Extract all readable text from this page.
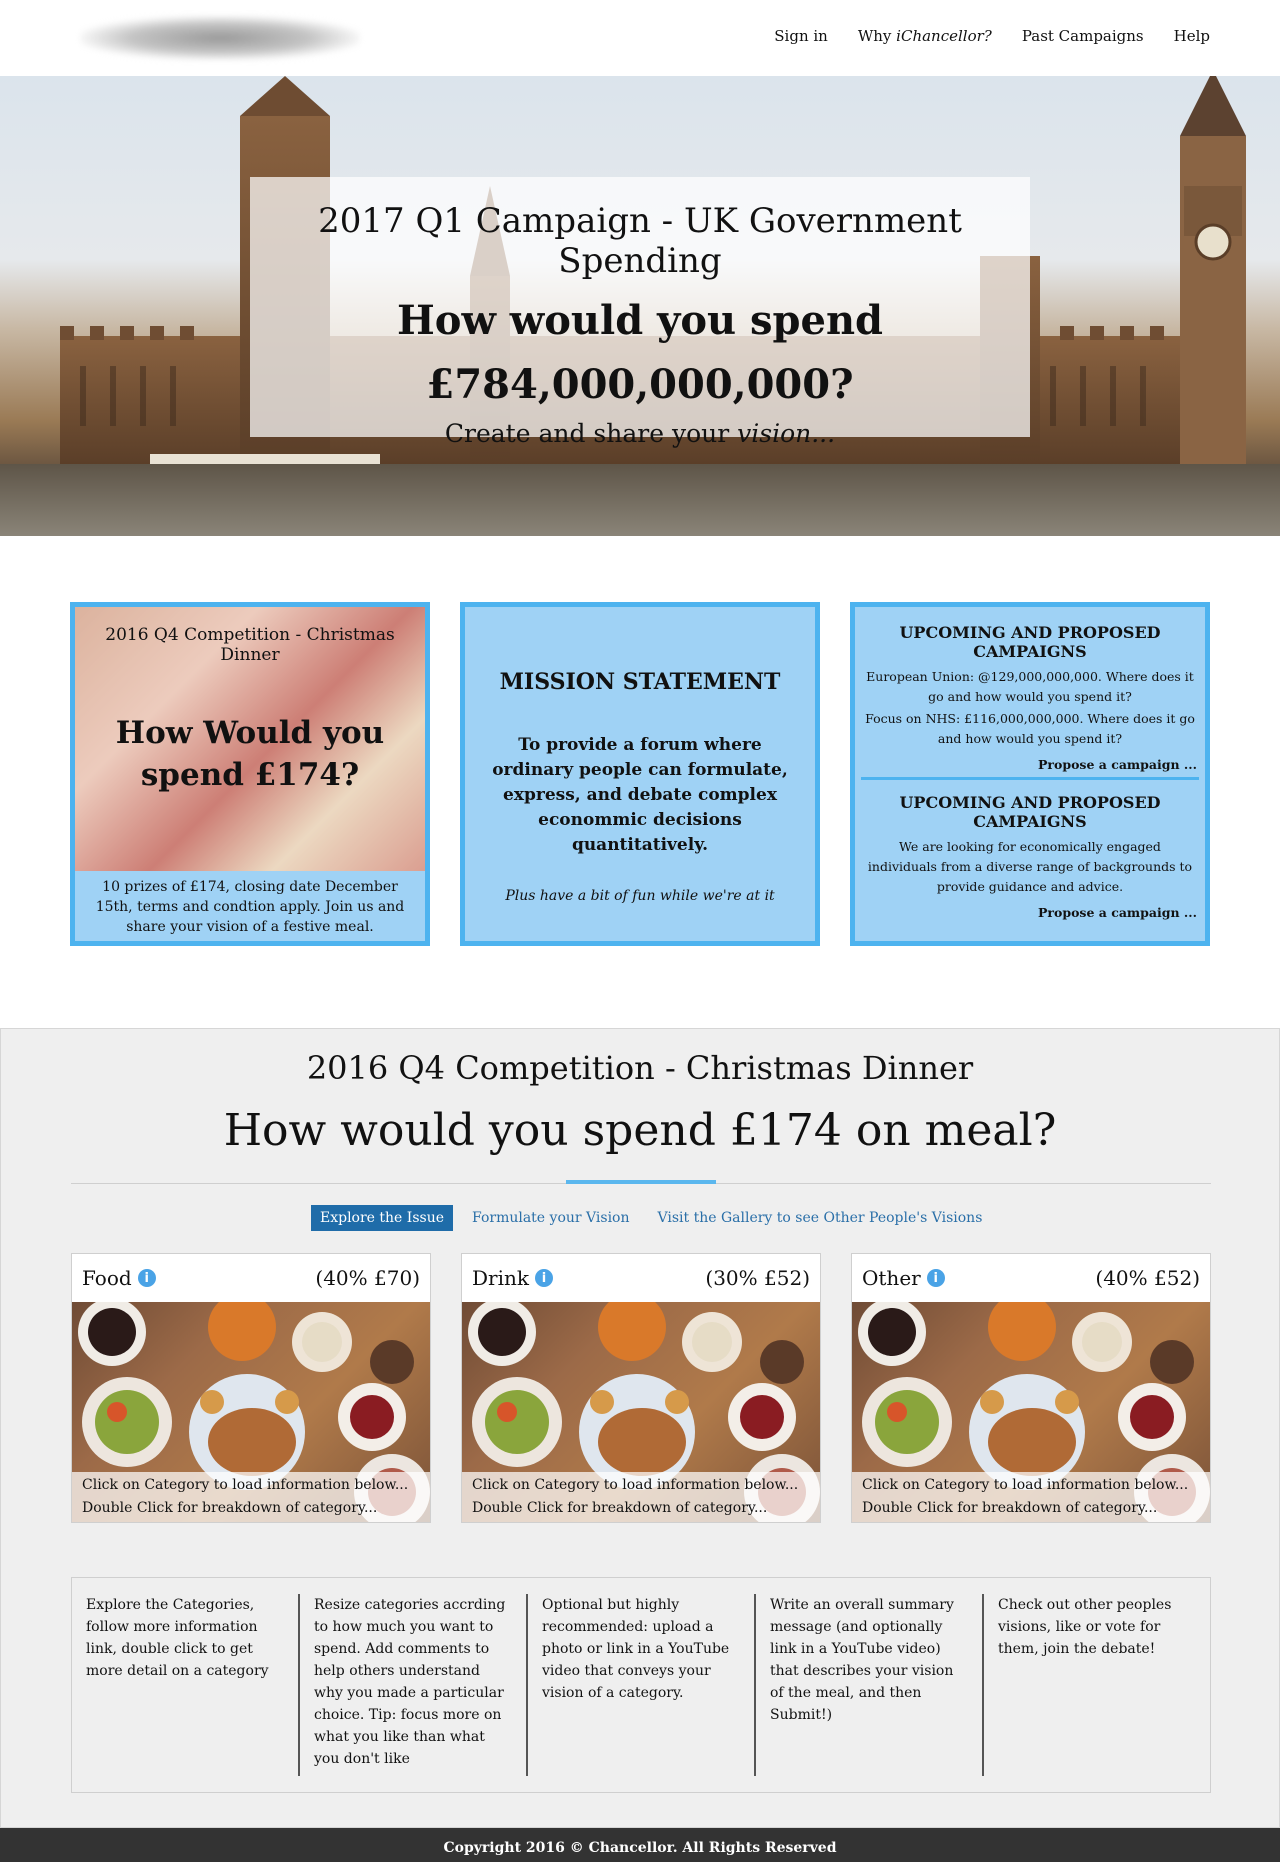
Sign in Why iChancellor? Past Campaigns Help
2017 Q1 Campaign - UK Government Spending
How would you spend
£784,000,000,000?
Create and share your vision...
2016 Q4 Competition - Christmas Dinner
How Would you
spend £174?
10 prizes of £174, closing date December 15th, terms and condtion apply. Join us and share your vision of a festive meal.
MISSION STATEMENT
To provide a forum where ordinary people can formulate, express, and debate complex econommic decisions quantitatively.
Plus have a bit of fun while we're at it
UPCOMING AND PROPOSED CAMPAIGNS

European Union: @129,000,000,000. Where does it go and how would you spend it?

Focus on NHS: £116,000,000,000. Where does it go and how would you spend it?

Propose a campaign ...
UPCOMING AND PROPOSED CAMPAIGNS

We are looking for economically engaged individuals from a diverse range of backgrounds to provide guidance and advice.

Propose a campaign ...
2016 Q4 Competition - Christmas Dinner
How would you spend £174 on meal?
Explore the Issue	Formulate your Vision	Visit the Gallery to see Other People's Visions
Food i	(40% £70)
Click on Category to load information below...
Double Click for breakdown of category...
Drink i	(30% £52)
Click on Category to load information below...
Double Click for breakdown of category...
Other i	(40% £52)
Click on Category to load information below...
Double Click for breakdown of category...
Explore the Categories, follow more information link, double click to get more detail on a category
Resize categories accrding to how much you want to spend. Add comments to help others understand why you made a particular choice. Tip: focus more on what you like than what you don't like
Optional but highly recommended: upload a photo or link in a YouTube video that conveys your vision of a category.
Write an overall summary message (and optionally link in a YouTube video) that describes your vision of the meal, and then Submit!)
Check out other peoples visions, like or vote for them, join the debate!
Copyright 2016 © Chancellor. All Rights Reserved
